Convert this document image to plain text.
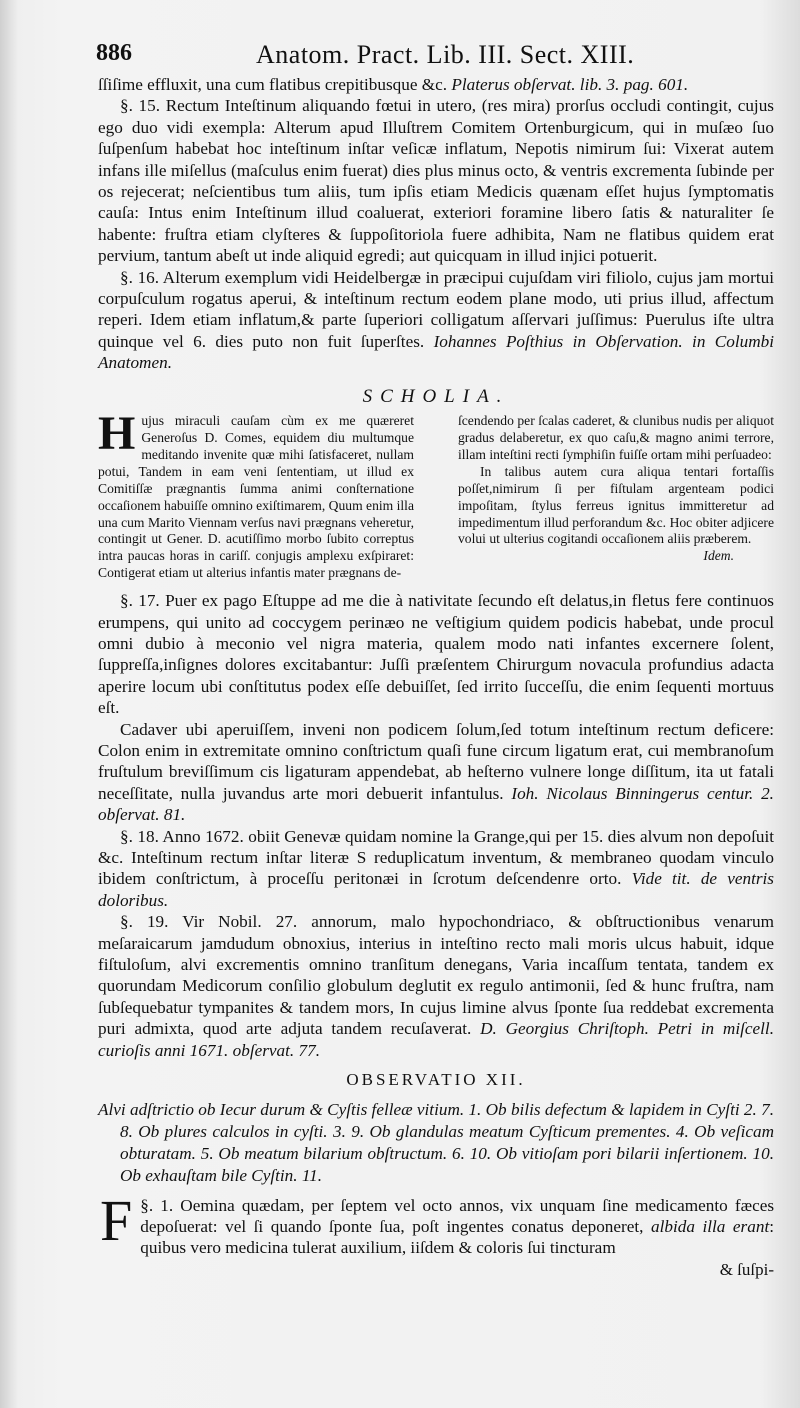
886	Anatom. Pract. Lib. III. Sect. XIII.

ſſiſime effluxit, una cum flatibus crepitibusque &c. Platerus obſervat. lib. 3. pag. 601.

§. 15. Rectum Inteſtinum aliquando fœtui in utero, (res mira) prorſus occludi contingit, cujus ego duo vidi exempla: Alterum apud Illuſtrem Comitem Ortenburgicum, qui in muſæo ſuo ſuſpenſum habebat hoc inteſtinum inſtar veſicæ inflatum, Nepotis nimirum ſui: Vixerat autem infans ille miſellus (maſculus enim fuerat) dies plus minus octo, & ventris excrementa ſubinde per os rejecerat; neſcientibus tum aliis, tum ipſis etiam Medicis quænam eſſet hujus ſymptomatis cauſa: Intus enim Inteſtinum illud coaluerat, exteriori foramine libero ſatis & naturaliter ſe habente: fruſtra etiam clyſteres & ſuppoſitoriola fuere adhibita, Nam ne flatibus quidem erat pervium, tantum abeſt ut inde aliquid egredi; aut quicquam in illud injici potuerit.

§. 16. Alterum exemplum vidi Heidelbergæ in præcipui cujuſdam viri filiolo, cujus jam mortui corpuſculum rogatus aperui, & inteſtinum rectum eodem plane modo, uti prius illud, affectum reperi. Idem etiam inflatum,& parte ſuperiori colligatum aſſervari juſſimus: Puerulus iſte ultra quinque vel 6. dies puto non fuit ſuperſtes. Iohannes Poſthius in Obſervation. in Columbi Anatomen.

SCHOLIA.
Hujus miraculi cauſam cùm ex me quæreret Generoſus D. Comes, equidem diu multumque meditando invenite quæ mihi ſatisfaceret, nullam potui, Tandem in eam veni ſententiam, ut illud ex Comitiſſæ prægnantis ſumma animi conſternatione occaſionem habuiſſe omnino exiſtimarem, Quum enim illa una cum Marito Viennam verſus navi prægnans veheretur, contingit ut Gener. D. acutiſſimo morbo ſubito correptus intra paucas horas in cariſſ. conjugis amplexu exſpiraret: Contigerat etiam ut alterius infantis mater prægnans de-

ſcendendo per ſcalas caderet, & clunibus nudis per aliquot gradus delaberetur, ex quo caſu,& magno animi terrore, illam inteſtini recti ſymphiſin fuiſſe ortam mihi perſuadeo:

In talibus autem cura aliqua tentari fortaſſis poſſet,nimirum ſi per fiſtulam argenteam podici impoſitam, ſtylus ferreus ignitus immitteretur ad impedimentum illud perforandum &c. Hoc obiter adjicere volui ut ulterius cogitandi occaſionem aliis præberem.

Idem.

§. 17. Puer ex pago Eſtuppe ad me die à nativitate ſecundo eſt delatus,in fletus fere continuos erumpens, qui unito ad coccygem perinæo ne veſtigium quidem podicis habebat, unde procul omni dubio à meconio vel nigra materia, qualem modo nati infantes excernere ſolent, ſuppreſſa,inſignes dolores excitabantur: Juſſi præſentem Chirurgum novacula profundius adacta aperire locum ubi conſtitutus podex eſſe debuiſſet, ſed irrito ſucceſſu, die enim ſequenti mortuus eſt.

Cadaver ubi aperuiſſem, inveni non podicem ſolum,ſed totum inteſtinum rectum deficere: Colon enim in extremitate omnino conſtrictum quaſi fune circum ligatum erat, cui membranoſum fruſtulum breviſſimum cis ligaturam appendebat, ab heſterno vulnere longe diſſitum, ita ut fatali neceſſitate, nulla juvandus arte mori debuerit infantulus. Ioh. Nicolaus Binningerus centur. 2. obſervat. 81.

§. 18. Anno 1672. obiit Genevæ quidam nomine la Grange,qui per 15. dies alvum non depoſuit &c. Inteſtinum rectum inſtar literæ S reduplicatum inventum, & membraneo quodam vinculo ibidem conſtrictum, à proceſſu peritonæi in ſcrotum deſcendenre orto. Vide tit. de ventris doloribus.

§. 19. Vir Nobil. 27. annorum, malo hypochondriaco, & obſtructionibus venarum meſaraicarum jamdudum obnoxius, interius in inteſtino recto mali moris ulcus habuit, idque fiſtuloſum, alvi excrementis omnino tranſitum denegans, Varia incaſſum tentata, tandem ex quorundam Medicorum conſilio globulum deglutit ex regulo antimonii, ſed & hunc fruſtra, nam ſubſequebatur tympanites & tandem mors, In cujus limine alvus ſponte ſua reddebat excrementa puri admixta, quod arte adjuta tandem recuſaverat. D. Georgius Chriſtoph. Petri in miſcell. curioſis anni 1671. obſervat. 77.

OBSERVATIO XII.

Alvi adſtrictio ob Iecur durum & Cyſtis felleæ vitium. 1. Ob bilis defectum & lapidem in Cyſti 2. 7. 8. Ob plures calculos in cyſti. 3. 9. Ob glandulas meatum Cyſticum prementes. 4. Ob veſicam obturatam. 5. Ob meatum bilarium obſtructum. 6. 10. Ob vitioſam pori bilarii inſertionem. 10. Ob exhauſtam bile Cyſtin. 11.

§. 1.
F	Oemina quædam, per ſeptem vel octo annos, vix unquam ſine medicamento fæces depoſuerat: vel ſi quando ſponte ſua, poſt ingentes conatus deponeret, albida illa erant: quibus vero medicina tulerat auxilium, iiſdem & coloris ſui tincturam

& ſuſpi-
